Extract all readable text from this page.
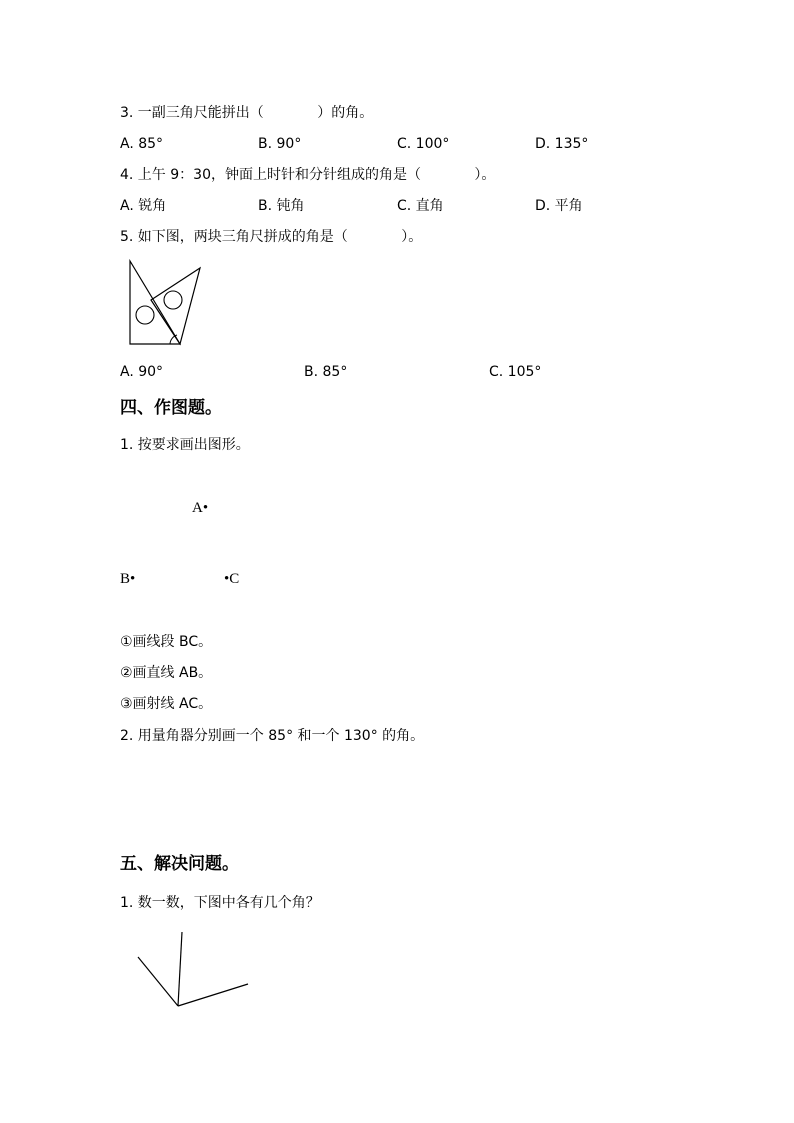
3. 一副三角尺能拼出（            ）的角。
A. 85°	B. 90°	C. 100°	D. 135°
4. 上午 9：30，钟面上时针和分针组成的角是（            ）。
A. 锐角	B. 钝角	C. 直角	D. 平角
5. 如下图，两块三角尺拼成的角是（            ）。
A. 90°	B. 85°	C. 105°
四、作图题。
1. 按要求画出图形。
A•
B•	•C
①画线段 BC。
②画直线 AB。
③画射线 AC。
2. 用量角器分别画一个 85° 和一个 130° 的角。
五、解决问题。
1. 数一数，下图中各有几个角？
